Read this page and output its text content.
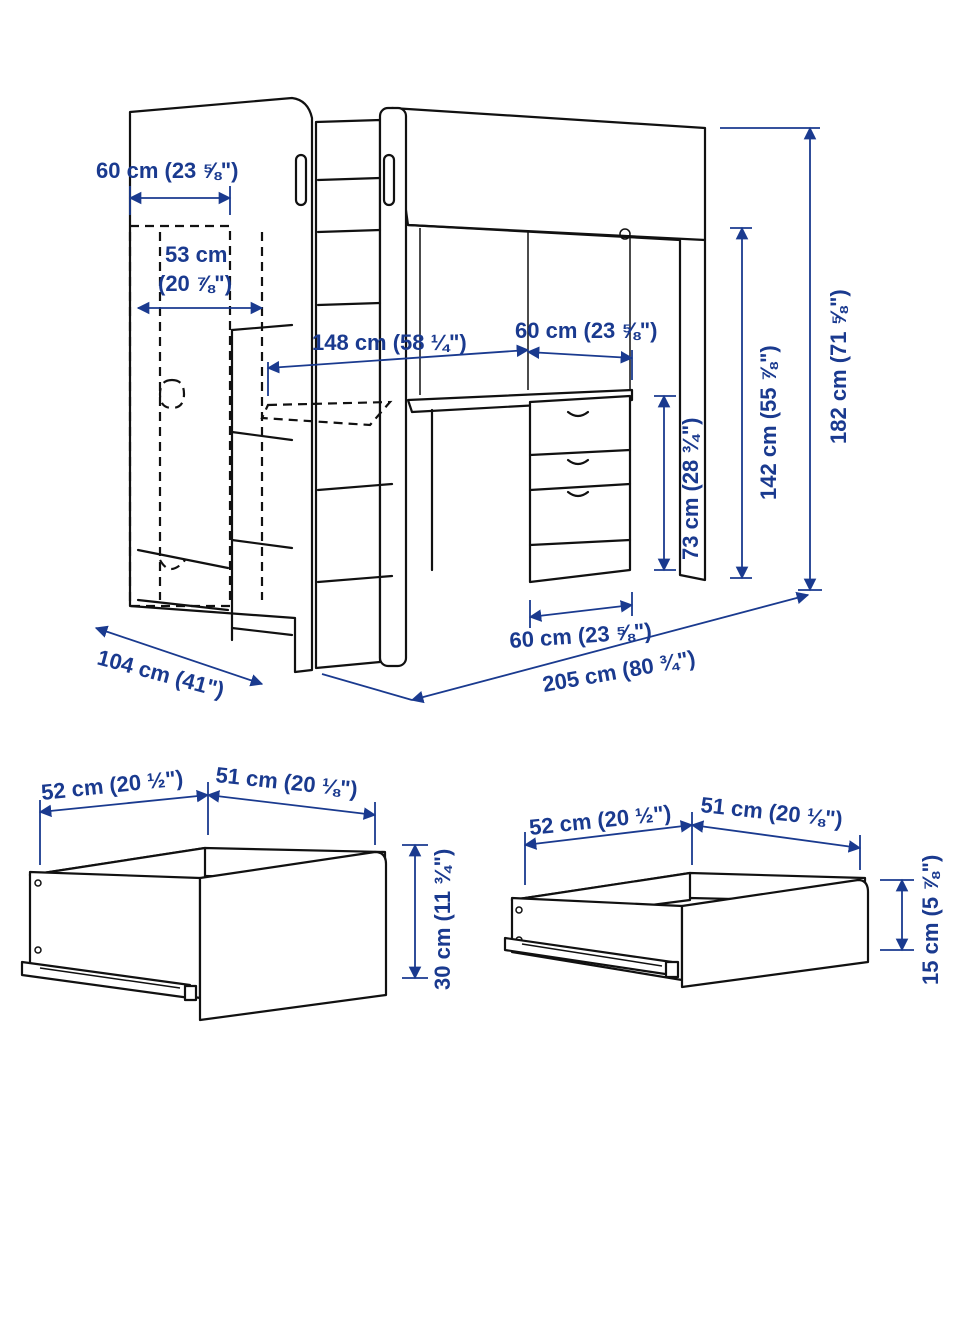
60 cm (23 ⅝")
53 cm
(20 ⅞")
148 cm (58 ¼") 60 cm (23 ⅝")
73 cm (28 ¾") 142 cm (55 ⅞") 182 cm (71 ⅝")
60 cm (23 ⅝")
104 cm (41")	205 cm (80 ¾")
52 cm (20 ½") 51 cm (20 ⅛")
30 cm (11 ¾")
52 cm (20 ½") 51 cm (20 ⅛")
15 cm (5 ⅞")
